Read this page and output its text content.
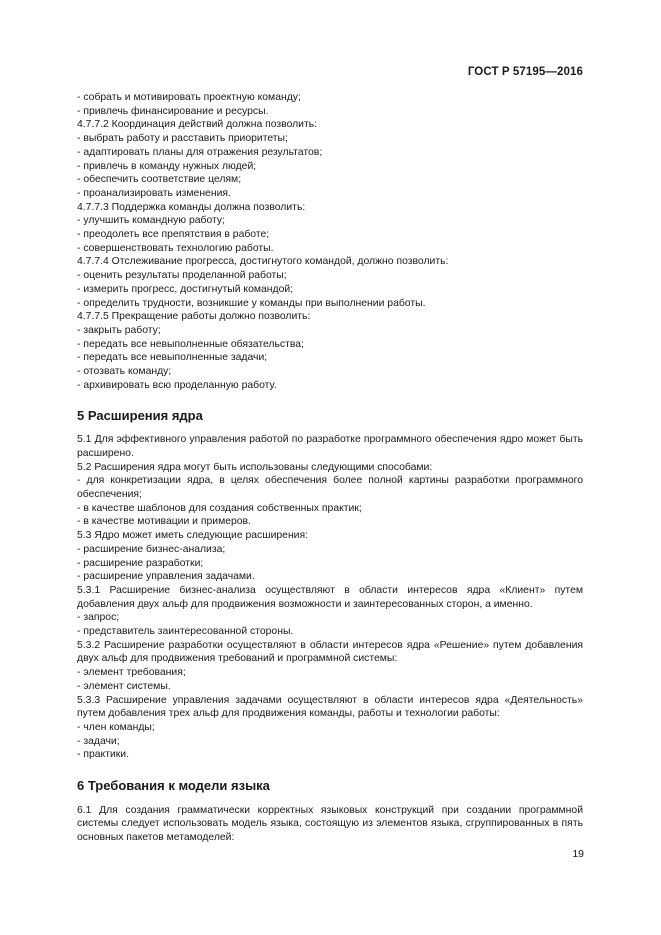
ГОСТ Р 57195—2016
- собрать и мотивировать проектную команду;
- привлечь финансирование и ресурсы.
4.7.7.2 Координация действий должна позволить:
- выбрать работу и расставить приоритеты;
- адаптировать планы для отражения результатов;
- привлечь в команду нужных людей;
- обеспечить соответствие целям;
- проанализировать изменения.
4.7.7.3 Поддержка команды должна позволить:
- улучшить командную работу;
- преодолеть все препятствия в работе;
- совершенствовать технологию работы.
4.7.7.4 Отслеживание прогресса, достигнутого командой, должно позволить:
- оценить результаты проделанной работы;
- измерить прогресс, достигнутый командой;
- определить трудности, возникшие у команды при выполнении работы.
4.7.7.5 Прекращение работы должно позволить:
- закрыть работу;
- передать все невыполненные обязательства;
- передать все невыполненные задачи;
- отозвать команду;
- архивировать всю проделанную работу.
5 Расширения ядра
5.1 Для эффективного управления работой по разработке программного обеспечения ядро может быть расширено.
5.2 Расширения ядра могут быть использованы следующими способами:
- для конкретизации ядра, в целях обеспечения более полной картины разработки программного обеспечения;
- в качестве шаблонов для создания собственных практик;
- в качестве мотивации и примеров.
5.3 Ядро может иметь следующие расширения:
- расширение бизнес-анализа;
- расширение разработки;
- расширение управления задачами.
5.3.1 Расширение бизнес-анализа осуществляют в области интересов ядра «Клиент» путем добавления двух альф для продвижения возможности и заинтересованных сторон, а именно.
- запрос;
- представитель заинтересованной стороны.
5.3.2 Расширение разработки осуществляют в области интересов ядра «Решение» путем добавления двух альф для продвижения требований и программной системы:
- элемент требования;
- элемент системы.
5.3.3 Расширение управления задачами осуществляют в области интересов ядра «Деятельность» путем добавления трех альф для продвижения команды, работы и технологии работы:
- член команды;
- задачи;
- практики.
6 Требования к модели языка
6.1 Для создания грамматически корректных языковых конструкций при создании программной системы следует использовать модель языка, состоящую из элементов языка, сгруппированных в пять основных пакетов метамоделей:
19
